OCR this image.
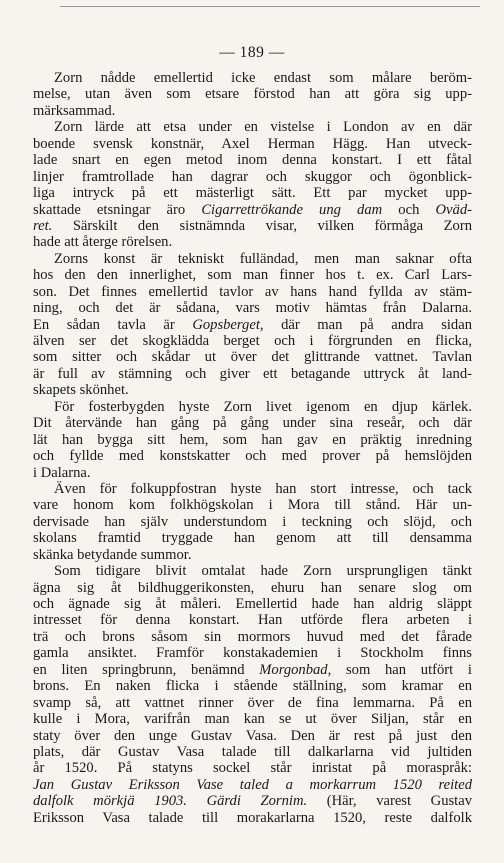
— 189 —
Zorn nådde emellertid icke endast som målare beröm-
melse, utan även som etsare förstod han att göra sig upp-
märksammad.
Zorn lärde att etsa under en vistelse i London av en där
boende svensk konstnär, Axel Herman Hägg. Han utveck-
lade snart en egen metod inom denna konstart. I ett fåtal
linjer framtrollade han dagrar och skuggor och ögonblick-
liga intryck på ett mästerligt sätt. Ett par mycket upp-
skattade etsningar äro Cigarrettrökande ung dam och Oväd-
ret. Särskilt den sistnämnda visar, vilken förmåga Zorn
hade att återge rörelsen.
Zorns konst är tekniskt fulländad, men man saknar ofta
hos den den innerlighet, som man finner hos t. ex. Carl Lars-
son. Det finnes emellertid tavlor av hans hand fyllda av stäm-
ning, och det är sådana, vars motiv hämtas från Dalarna.
En sådan tavla är Gopsberget, där man på andra sidan
älven ser det skogklädda berget och i förgrunden en flicka,
som sitter och skådar ut över det glittrande vattnet. Tavlan
är full av stämning och giver ett betagande uttryck åt land-
skapets skönhet.
För fosterbygden hyste Zorn livet igenom en djup kärlek.
Dit återvände han gång på gång under sina reseår, och där
lät han bygga sitt hem, som han gav en präktig inredning
och fyllde med konstskatter och med prover på hemslöjden
i Dalarna.
Även för folkuppfostran hyste han stort intresse, och tack
vare honom kom folkhögskolan i Mora till stånd. Här un-
dervisade han själv understundom i teckning och slöjd, och
skolans framtid tryggade han genom att till densamma
skänka betydande summor.
Som tidigare blivit omtalat hade Zorn ursprungligen tänkt
ägna sig åt bildhuggerikonsten, ehuru han senare slog om
och ägnade sig åt måleri. Emellertid hade han aldrig släppt
intresset för denna konstart. Han utförde flera arbeten i
trä och brons såsom sin mormors huvud med det fårade
gamla ansiktet. Framför konstakademien i Stockholm finns
en liten springbrunn, benämnd Morgonbad, som han utfört i
brons. En naken flicka i stående ställning, som kramar en
svamp så, att vattnet rinner över de fina lemmarna. På en
kulle i Mora, varifrån man kan se ut över Siljan, står en
staty över den unge Gustav Vasa. Den är rest på just den
plats, där Gustav Vasa talade till dalkarlarna vid jultiden
år 1520. På statyns sockel står inristat på moraspråk:
Jan Gustav Eriksson Vase taled a morkarrum 1520 reited
dalfolk mörkjä 1903. Gärdi Zornim. (Här, varest Gustav
Eriksson Vasa talade till morakarlarna 1520, reste dalfolk
